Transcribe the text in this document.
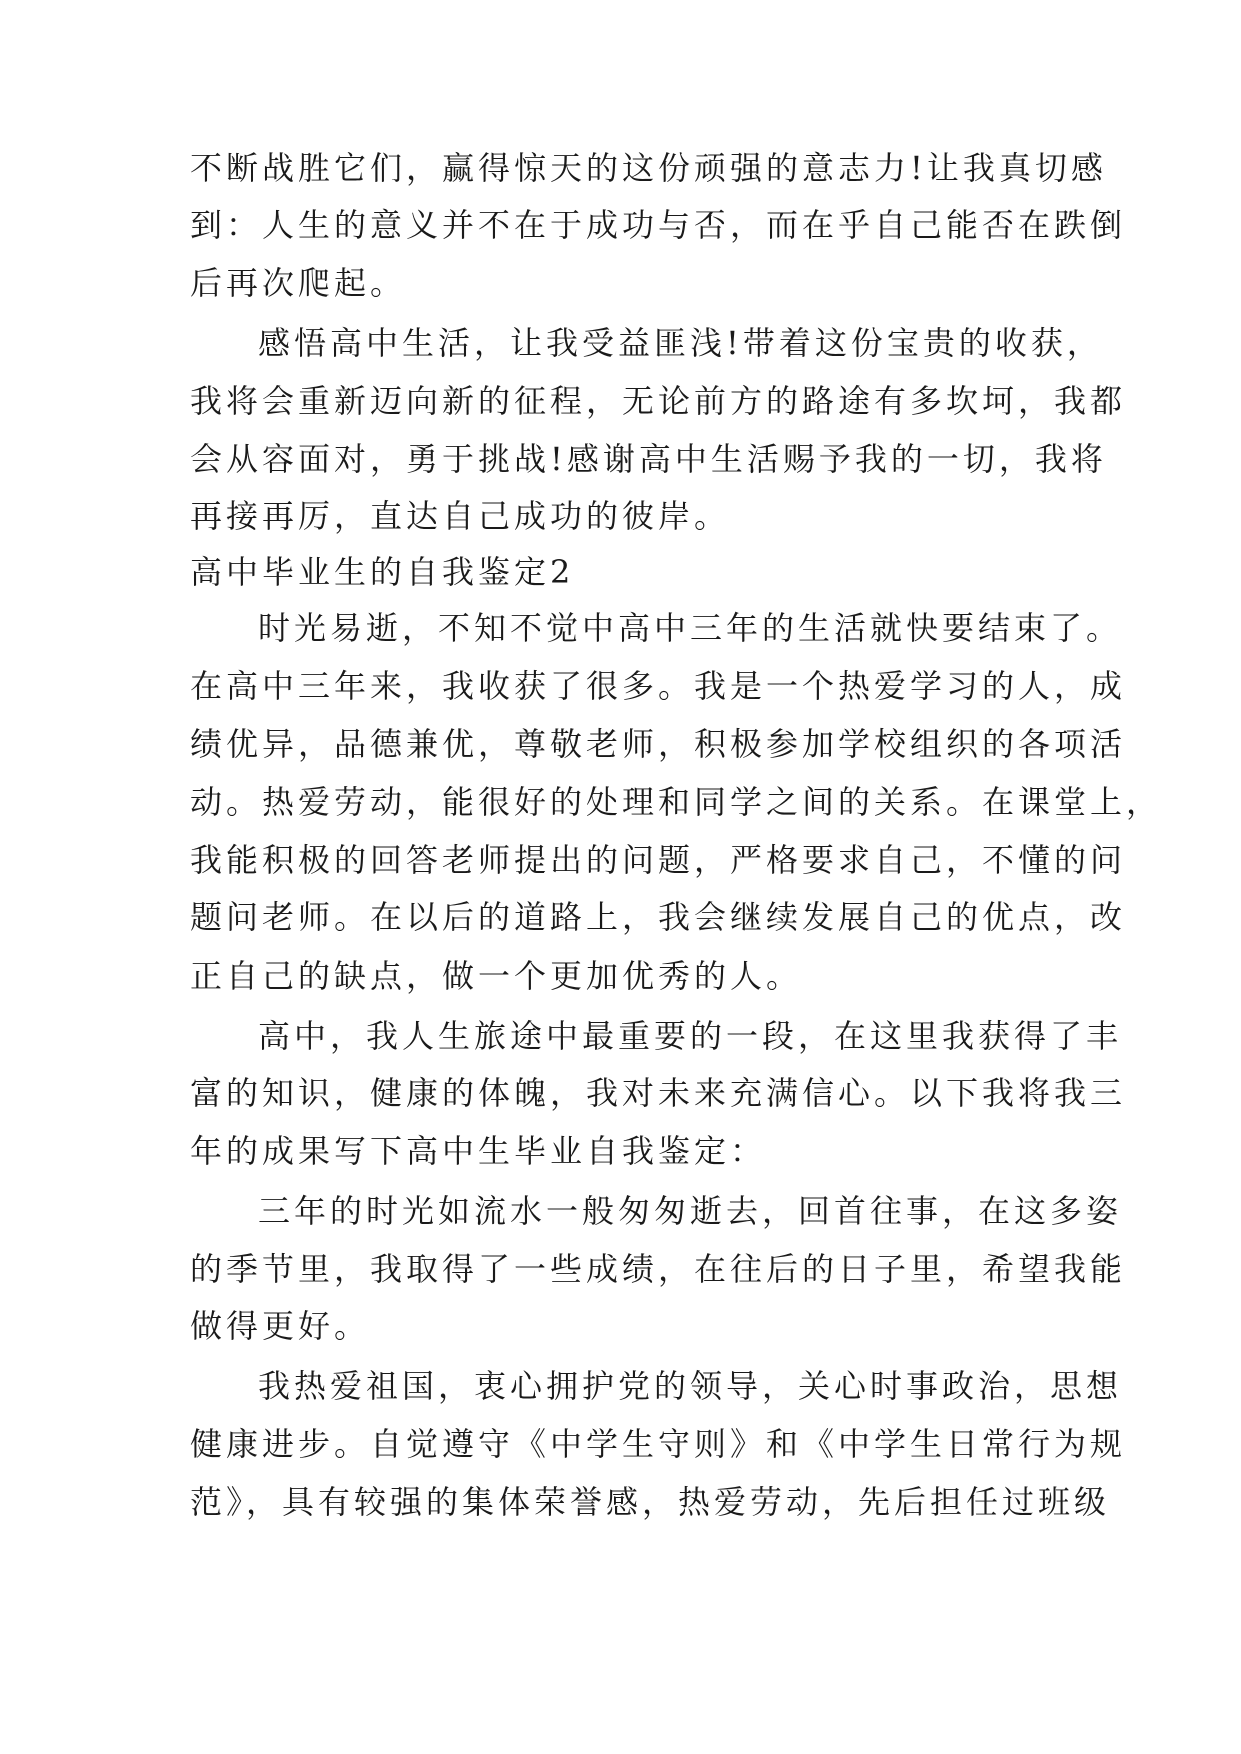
不断战胜它们，赢得惊天的这份顽强的意志力!让我真切感
到：人生的意义并不在于成功与否，而在乎自己能否在跌倒
后再次爬起。
感悟高中生活，让我受益匪浅!带着这份宝贵的收获，
我将会重新迈向新的征程，无论前方的路途有多坎坷，我都
会从容面对，勇于挑战!感谢高中生活赐予我的一切，我将
再接再厉，直达自己成功的彼岸。
高中毕业生的自我鉴定2
时光易逝，不知不觉中高中三年的生活就快要结束了。
在高中三年来，我收获了很多。我是一个热爱学习的人，成
绩优异，品德兼优，尊敬老师，积极参加学校组织的各项活
动。热爱劳动，能很好的处理和同学之间的关系。在课堂上，
我能积极的回答老师提出的问题，严格要求自己，不懂的问
题问老师。在以后的道路上，我会继续发展自己的优点，改
正自己的缺点，做一个更加优秀的人。
高中，我人生旅途中最重要的一段，在这里我获得了丰
富的知识，健康的体魄，我对未来充满信心。以下我将我三
年的成果写下高中生毕业自我鉴定：
三年的时光如流水一般匆匆逝去，回首往事，在这多姿
的季节里，我取得了一些成绩，在往后的日子里，希望我能
做得更好。
我热爱祖国，衷心拥护党的领导，关心时事政治，思想
健康进步。自觉遵守《中学生守则》和《中学生日常行为规
范》，具有较强的集体荣誉感，热爱劳动，先后担任过班级
